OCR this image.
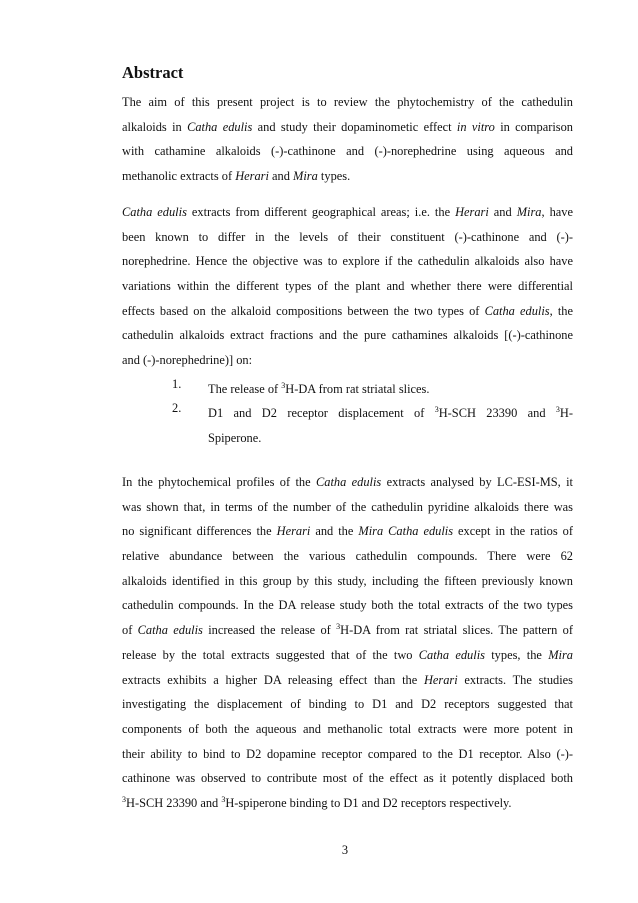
Abstract
The aim of this present project is to review the phytochemistry of the cathedulin
alkaloids in Catha edulis and study their dopaminometic effect in vitro in comparison
with cathamine alkaloids (-)-cathinone and (-)-norephedrine using aqueous and
methanolic extracts of Herari and Mira types.
Catha edulis extracts from different geographical areas; i.e. the Herari and Mira, have
been known to differ in the levels of their constituent (-)-cathinone and (-)-
norephedrine. Hence the objective was to explore if the cathedulin alkaloids also have
variations within the different types of the plant and whether there were differential
effects based on the alkaloid compositions between the two types of Catha edulis, the
cathedulin alkaloids extract fractions and the pure cathamines alkaloids [(-)-cathinone
and (-)-norephedrine)] on:
1. The release of $^3$H-DA from rat striatal slices.
2. D1 and D2 receptor displacement of $^3$H-SCH 23390 and $^3$H-
Spiperone.
In the phytochemical profiles of the Catha edulis extracts analysed by LC-ESI-MS, it
was shown that, in terms of the number of the cathedulin pyridine alkaloids there was
no significant differences the Herari and the Mira Catha edulis except in the ratios of
relative abundance between the various cathedulin compounds. There were 62
alkaloids identified in this group by this study, including the fifteen previously known
cathedulin compounds. In the DA release study both the total extracts of the two types
of Catha edulis increased the release of $^3$H-DA from rat striatal slices. The pattern of
release by the total extracts suggested that of the two Catha edulis types, the Mira
extracts exhibits a higher DA releasing effect than the Herari extracts. The studies
investigating the displacement of binding to D1 and D2 receptors suggested that
components of both the aqueous and methanolic total extracts were more potent in
their ability to bind to D2 dopamine receptor compared to the D1 receptor. Also (-)-
cathinone was observed to contribute most of the effect as it potently displaced both
$^3$H-SCH 23390 and $^3$H-spiperone binding to D1 and D2 receptors respectively.
3
